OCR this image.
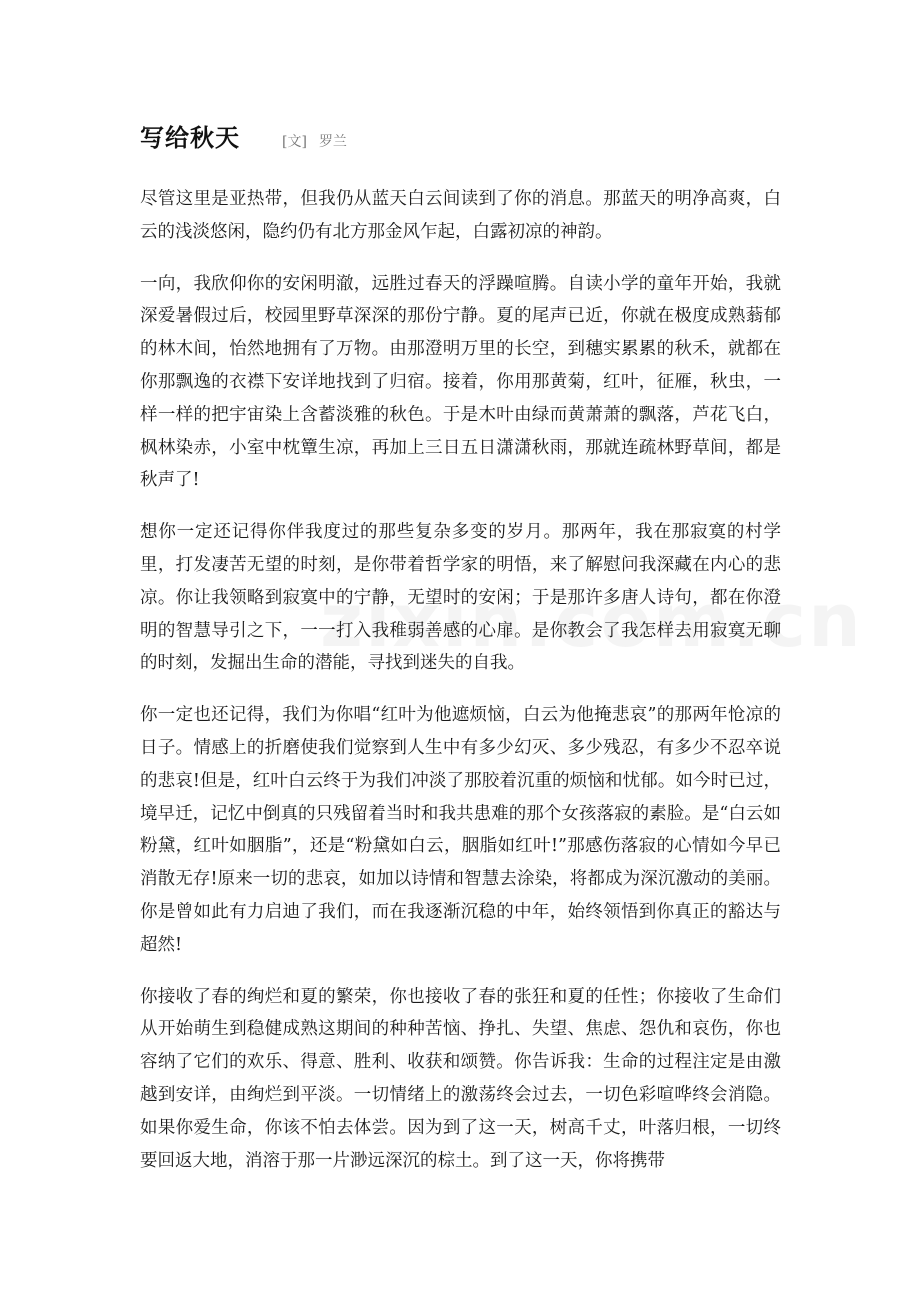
写给秋天	[文] 罗兰

尽管这里是亚热带，但我仍从蓝天白云间读到了你的消息。那蓝天的明净高爽，白云的浅淡悠闲，隐约仍有北方那金风乍起，白露初凉的神韵。

一向，我欣仰你的安闲明澈，远胜过春天的浮躁喧腾。自读小学的童年开始，我就深爱暑假过后，校园里野草深深的那份宁静。夏的尾声已近，你就在极度成熟蓊郁的林木间，怡然地拥有了万物。由那澄明万里的长空，到穗实累累的秋禾，就都在你那飘逸的衣襟下安详地找到了归宿。接着，你用那黄菊，红叶，征雁，秋虫，一样一样的把宇宙染上含蓄淡雅的秋色。于是木叶由绿而黄萧萧的飘落，芦花飞白，枫林染赤，小室中枕簟生凉，再加上三日五日潇潇秋雨，那就连疏林野草间，都是秋声了!

想你一定还记得你伴我度过的那些复杂多变的岁月。那两年，我在那寂寞的村学里，打发凄苦无望的时刻，是你带着哲学家的明悟，来了解慰问我深藏在内心的悲凉。你让我领略到寂寞中的宁静，无望时的安闲；于是那许多唐人诗句，都在你澄明的智慧导引之下，一一打入我稚弱善感的心扉。是你教会了我怎样去用寂寞无聊的时刻，发掘出生命的潜能，寻找到迷失的自我。

你一定也还记得，我们为你唱“红叶为他遮烦恼，白云为他掩悲哀”的那两年怆凉的日子。情感上的折磨使我们觉察到人生中有多少幻灭、多少残忍，有多少不忍卒说的悲哀!但是，红叶白云终于为我们冲淡了那胶着沉重的烦恼和忧郁。如今时已过，境早迁，记忆中倒真的只残留着当时和我共患难的那个女孩落寂的素脸。是“白云如粉黛，红叶如胭脂”，还是“粉黛如白云，胭脂如红叶!”那感伤落寂的心情如今早已消散无存!原来一切的悲哀，如加以诗情和智慧去涂染，将都成为深沉激动的美丽。你是曾如此有力启迪了我们，而在我逐渐沉稳的中年，始终领悟到你真正的豁达与超然!

你接收了春的绚烂和夏的繁荣，你也接收了春的张狂和夏的任性；你接收了生命们从开始萌生到稳健成熟这期间的种种苦恼、挣扎、失望、焦虑、怨仇和哀伤，你也容纳了它们的欢乐、得意、胜利、收获和颂赞。你告诉我：生命的过程注定是由激越到安详，由绚烂到平淡。一切情绪上的激荡终会过去，一切色彩喧哗终会消隐。如果你爱生命，你该不怕去体尝。因为到了这一天，树高千丈，叶落归根，一切终要回返大地，消溶于那一片渺远深沉的棕土。到了这一天，你将携带
